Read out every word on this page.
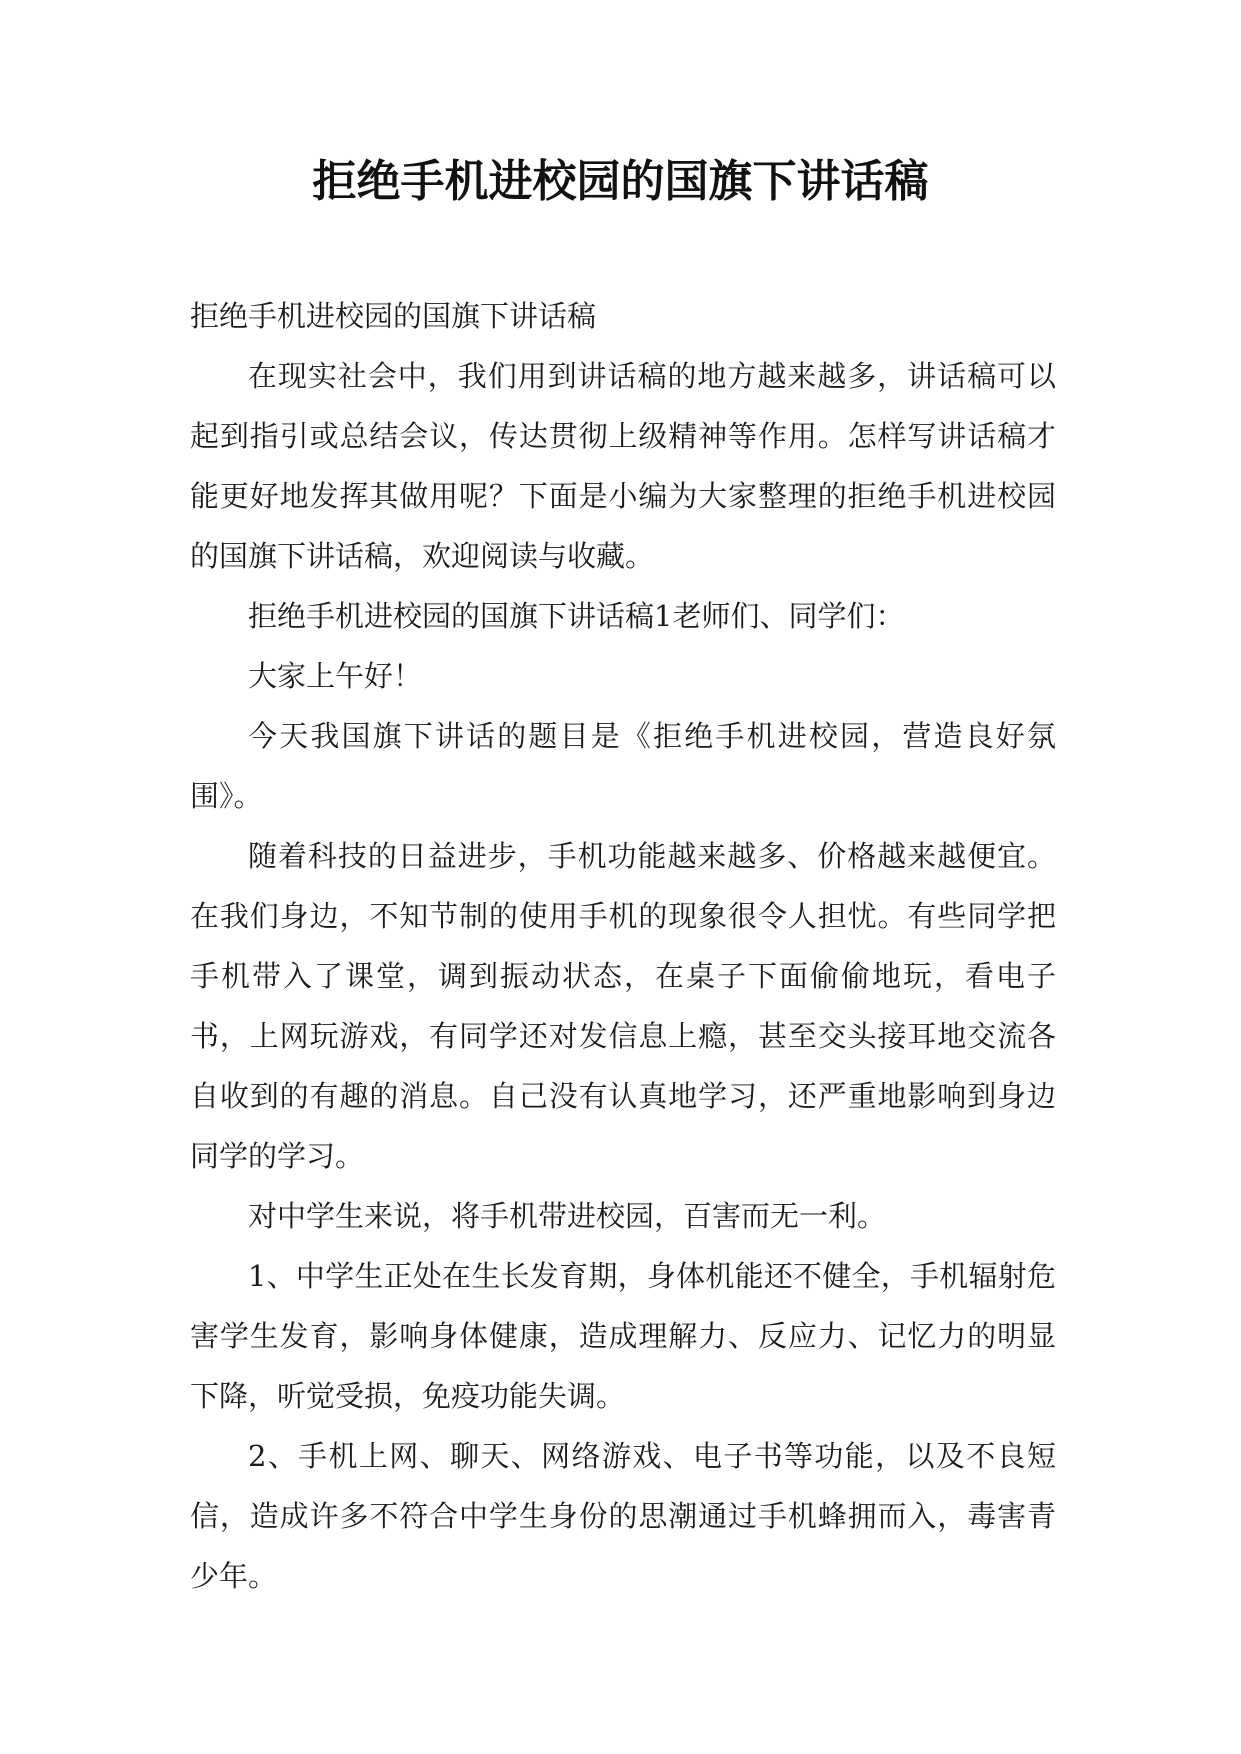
拒绝手机进校园的国旗下讲话稿

拒绝手机进校园的国旗下讲话稿

在现实社会中，我们用到讲话稿的地方越来越多，讲话稿可以起到指引或总结会议，传达贯彻上级精神等作用。怎样写讲话稿才能更好地发挥其做用呢？下面是小编为大家整理的拒绝手机进校园的国旗下讲话稿，欢迎阅读与收藏。

拒绝手机进校园的国旗下讲话稿1老师们、同学们：

大家上午好！

今天我国旗下讲话的题目是《拒绝手机进校园，营造良好氛围》。

随着科技的日益进步，手机功能越来越多、价格越来越便宜。 在我们身边，不知节制的使用手机的现象很令人担忧。有些同学把手机带入了课堂，调到振动状态，在桌子下面偷偷地玩，看电子书，上网玩游戏，有同学还对发信息上瘾，甚至交头接耳地交流各自收到的有趣的消息。自己没有认真地学习，还严重地影响到身边同学的学习。

对中学生来说，将手机带进校园，百害而无一利。

1、中学生正处在生长发育期，身体机能还不健全，手机辐射危害学生发育，影响身体健康，造成理解力、反应力、记忆力的明显下降，听觉受损，免疫功能失调。

2、手机上网、聊天、网络游戏、电子书等功能，以及不良短信，造成许多不符合中学生身份的思潮通过手机蜂拥而入，毒害青少年。
